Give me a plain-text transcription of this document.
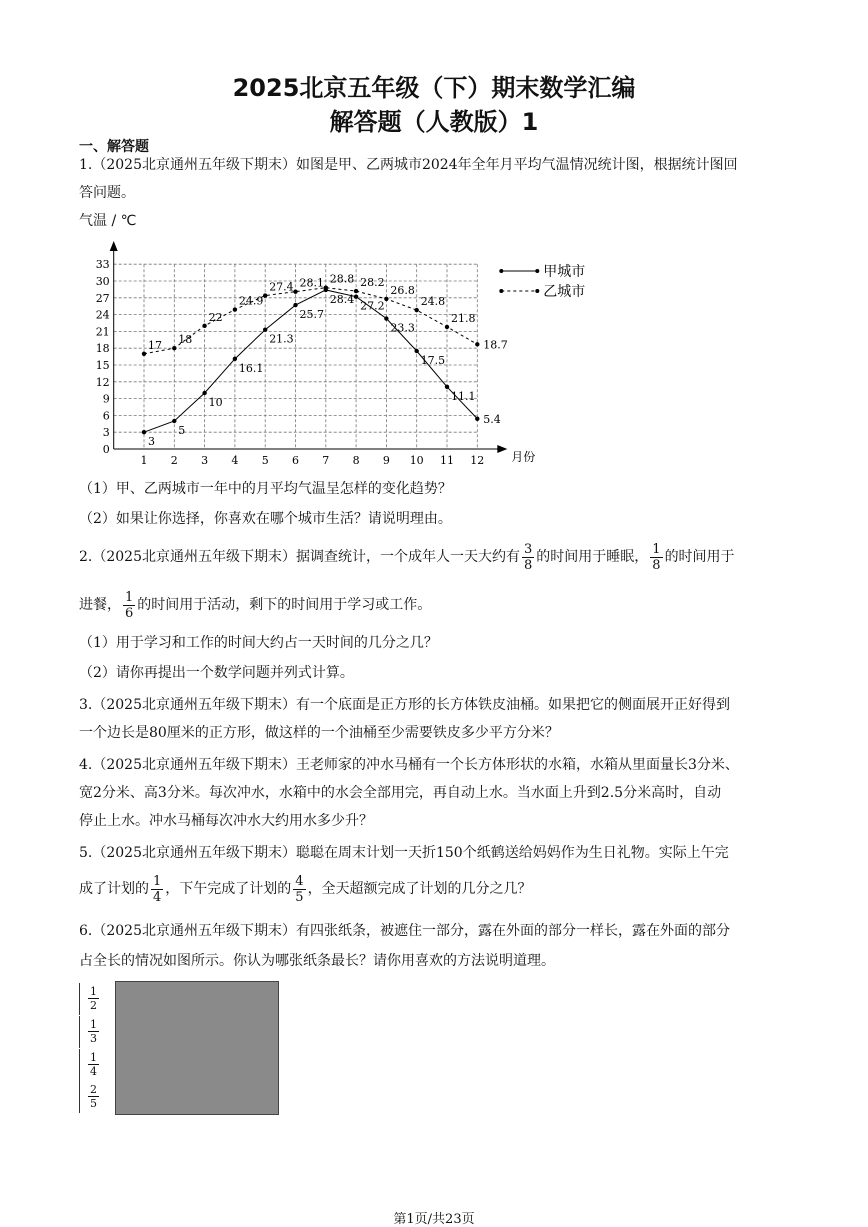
2025北京五年级（下）期末数学汇编
解答题（人教版）1
一、解答题

1.（2025北京通州五年级下期末）如图是甲、乙两城市2024年全年月平均气温情况统计图，根据统计图回

答问题。

气温 / ℃
0
3
6
9
12
15
18
21
24
27
30
33
1 2 3 4 5 6 7 8 9 10 11 12 月份
3
5
10
16.1
21.3
25.7
28.4
27.2
23.3
17.5
11.1
5.4
17 18
22
24.9
27.4 28.1 28.8 28.2
26.8
24.8
21.8
18.7
甲城市
乙城市

（1）甲、乙两城市一年中的月平均气温呈怎样的变化趋势？

（2）如果让你选择，你喜欢在哪个城市生活？请说明理由。

2.（2025北京通州五年级下期末）据调查统计，一个成年人一天大约有 $\frac{3}{8}$ 的时间用于睡眠， $\frac{1}{8}$ 的时间用于

进餐， $\frac{1}{6}$ 的时间用于活动，剩下的时间用于学习或工作。

（1）用于学习和工作的时间大约占一天时间的几分之几？

（2）请你再提出一个数学问题并列式计算。

3.（2025北京通州五年级下期末）有一个底面是正方形的长方体铁皮油桶。如果把它的侧面展开正好得到

一个边长是80厘米的正方形，做这样的一个油桶至少需要铁皮多少平方分米？

4.（2025北京通州五年级下期末）王老师家的冲水马桶有一个长方体形状的水箱，水箱从里面量长3分米、

宽2分米、高3分米。每次冲水，水箱中的水会全部用完，再自动上水。当水面上升到2.5分米高时，自动

停止上水。冲水马桶每次冲水大约用水多少升？

5.（2025北京通州五年级下期末）聪聪在周末计划一天折150个纸鹤送给妈妈作为生日礼物。实际上午完

成了计划的 $\frac{1}{4}$ ，下午完成了计划的 $\frac{4}{5}$ ，全天超额完成了计划的几分之几？

6.（2025北京通州五年级下期末）有四张纸条，被遮住一部分，露在外面的部分一样长，露在外面的部分

占全长的情况如图所示。你认为哪张纸条最长？请你用喜欢的方法说明道理。

$\frac{1}{2}$
$\frac{1}{3}$
$\frac{1}{4}$
$\frac{2}{5}$
第1页/共23页
